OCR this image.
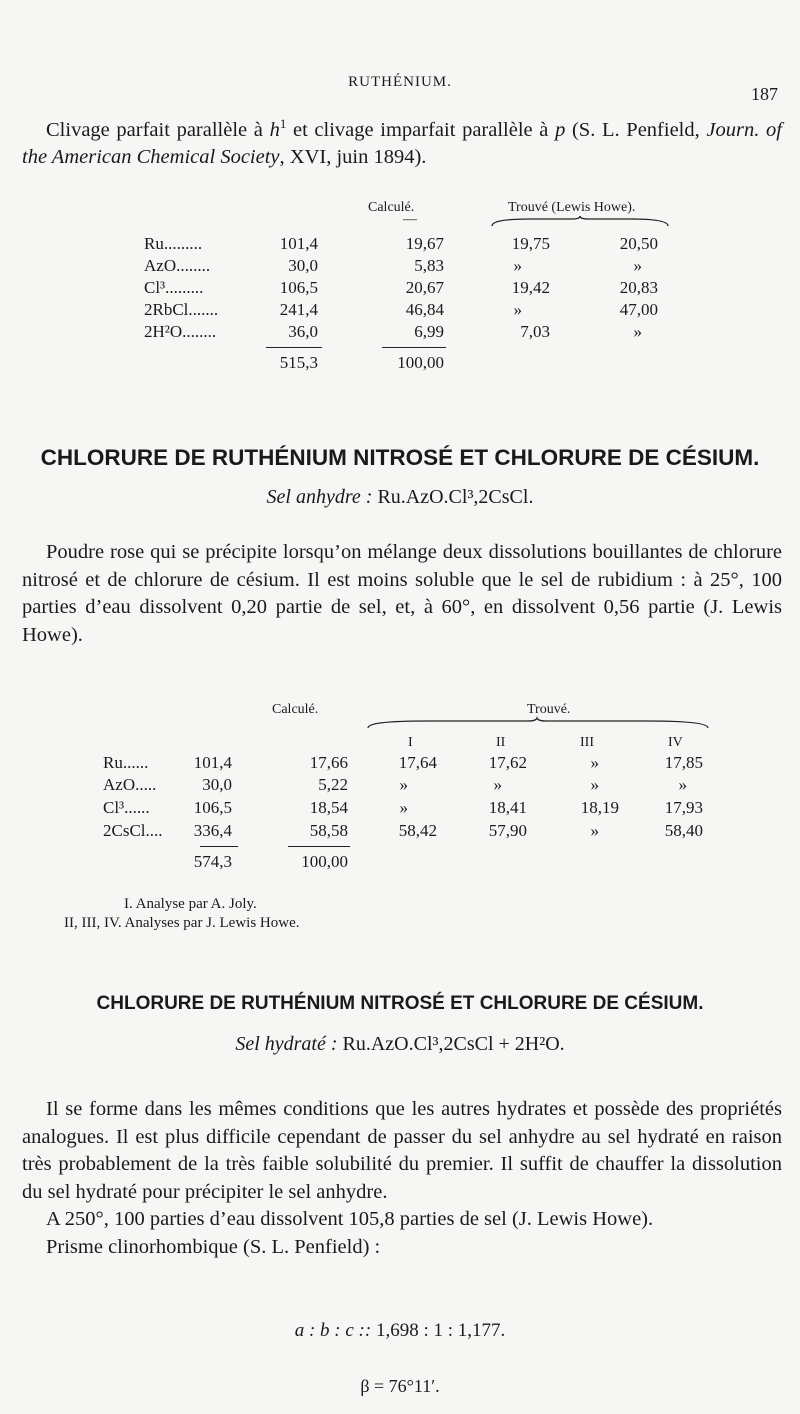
RUTHÉNIUM.
187

Clivage parfait parallèle à $h^1$ et clivage imparfait parallèle à p (S. L. Penfield, Journ. of the American Chemical Society, XVI, juin 1894).

Calculé.
—
Trouvé (Lewis Howe).
Ru.........	101,4	19,67	19,75	20,50
AzO........	30,0	5,83	»	»
Cl³.........	106,5	20,67	19,42	20,83
2RbCl.......	241,4	46,84	»	47,00
2H²O........	36,0	6,99	7,03	»
515,3	100,00
CHLORURE DE RUTHÉNIUM NITROSÉ ET CHLORURE DE CÉSIUM.
Sel anhydre : Ru.AzO.Cl³,2CsCl.

Poudre rose qui se précipite lorsqu’on mélange deux dissolutions bouillantes de chlorure nitrosé et de chlorure de césium. Il est moins soluble que le sel de rubidium : à 25°, 100 parties d’eau dissolvent 0,20 partie de sel, et, à 60°, en dissolvent 0,56 partie (J. Lewis Howe).

Calculé.	Trouvé.
I	II	III	IV
Ru......	101,4	17,66	17,64	17,62	»	17,85
AzO.....	30,0	5,22	»	»	»	»
Cl³......	106,5	18,54	»	18,41	18,19	17,93
2CsCl....	336,4	58,58	58,42	57,90	»	58,40
574,3	100,00
I. Analyse par A. Joly.
II, III, IV. Analyses par J. Lewis Howe.
CHLORURE DE RUTHÉNIUM NITROSÉ ET CHLORURE DE CÉSIUM.
Sel hydraté : Ru.AzO.Cl³,2CsCl + 2H²O.

Il se forme dans les mêmes conditions que les autres hydrates et possède des propriétés analogues. Il est plus difficile cependant de passer du sel anhydre au sel hydraté en raison très probablement de la très faible solubilité du premier. Il suffit de chauffer la dissolution du sel hydraté pour précipiter le sel anhydre.

A 250°, 100 parties d’eau dissolvent 105,8 parties de sel (J. Lewis Howe).

Prisme clinorhombique (S. L. Penfield) :

a : b : c :: 1,698 : 1 : 1,177.
β = 76°11′.
